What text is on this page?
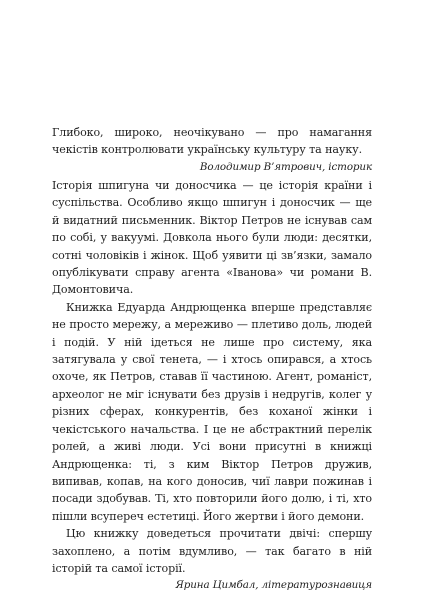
Глибоко, широко, неочікувано — про намагання чекістів контролювати українську культуру та науку.

Володимир В’ятрович, історик

Історія шпигуна чи доносчика — це історія країни і суспільства. Особливо якщо шпигун і доносчик — ще й видатний письменник. Віктор Петров не існував сам по собі, у вакуумі. Довкола нього були люди: десятки, сотні чоловіків і жінок. Щоб уявити ці зв’язки, замало опублікувати справу агента «Іванова» чи романи В. Домонтовича.

Книжка Едуарда Андрющенка вперше представляє не просто мережу, а мереживо — плетиво доль, людей і подій. У ній ідеться не лише про систему, яка затягувала у свої тенета, — і хтось опирався, а хтось охоче, як Петров, ставав її частиною. Агент, романіст, археолог не міг існувати без друзів і недругів, колег у різних сферах, конкурентів, без коханої жінки і чекістського начальства. І це не абстрактний перелік ролей, а живі люди. Усі вони присутні в книжці Андрющенка: ті, з ким Віктор Петров дружив, випивав, копав, на кого доносив, чиї лаври пожинав і посади здобував. Ті, хто повторили його долю, і ті, хто пішли всупереч естетиці. Його жертви і його демони.

Цю книжку доведеться прочитати двічі: спершу захоплено, а потім вдумливо, — так багато в ній історій та самої історії.

Ярина Цимбал, літературознавиця
